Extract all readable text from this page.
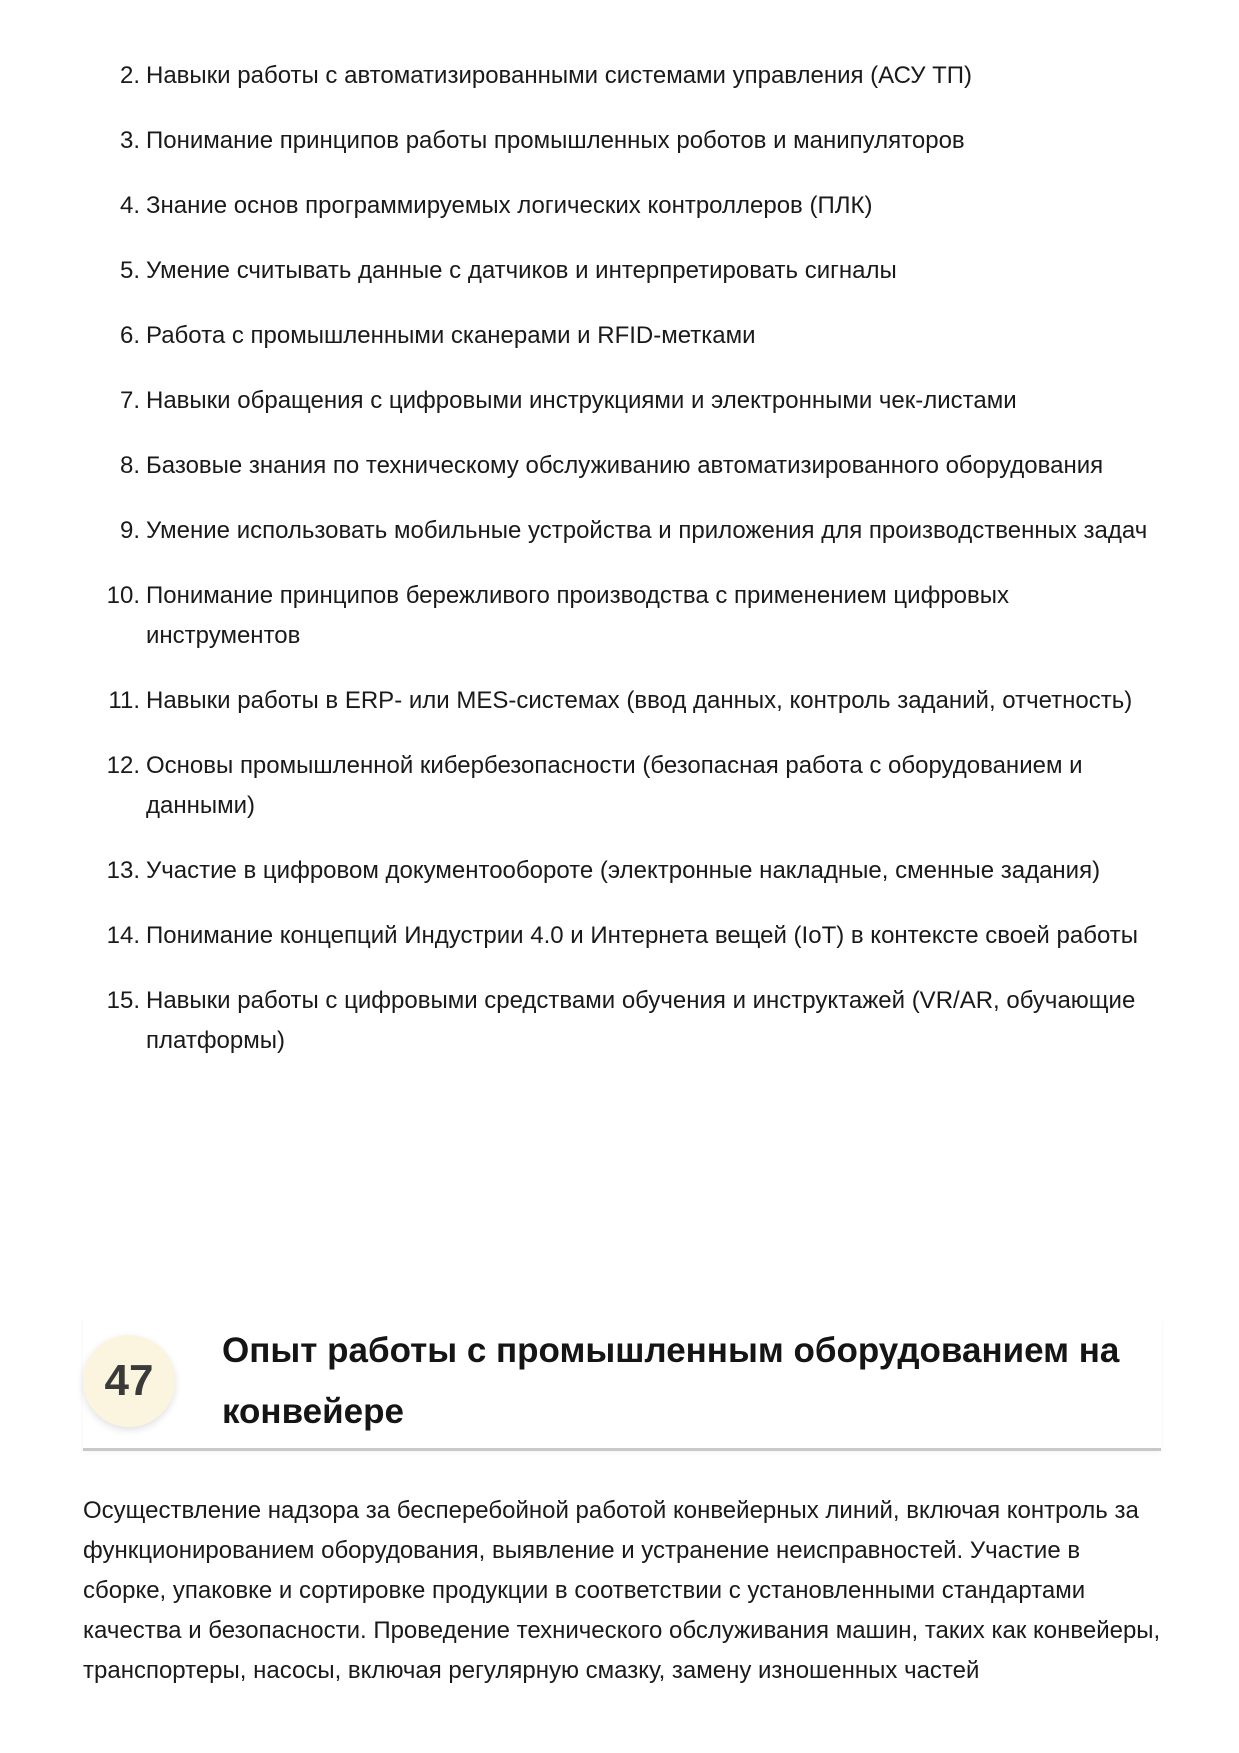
2. Навыки работы с автоматизированными системами управления (АСУ ТП)
3. Понимание принципов работы промышленных роботов и манипуляторов
4. Знание основ программируемых логических контроллеров (ПЛК)
5. Умение считывать данные с датчиков и интерпретировать сигналы
6. Работа с промышленными сканерами и RFID-метками
7. Навыки обращения с цифровыми инструкциями и электронными чек-листами
8. Базовые знания по техническому обслуживанию автоматизированного оборудования
9. Умение использовать мобильные устройства и приложения для производственных задач
10. Понимание принципов бережливого производства с применением цифровых инструментов
11. Навыки работы в ERP- или MES-системах (ввод данных, контроль заданий, отчетность)
12. Основы промышленной кибербезопасности (безопасная работа с оборудованием и данными)
13. Участие в цифровом документообороте (электронные накладные, сменные задания)
14. Понимание концепций Индустрии 4.0 и Интернета вещей (IoT) в контексте своей работы
15. Навыки работы с цифровыми средствами обучения и инструктажей (VR/AR, обучающие платформы)
47
Опыт работы с промышленным оборудованием на конвейере

Осуществление надзора за бесперебойной работой конвейерных линий, включая контроль за функционированием оборудования, выявление и устранение неисправностей. Участие в сборке, упаковке и сортировке продукции в соответствии с установленными стандартами качества и безопасности. Проведение технического обслуживания машин, таких как конвейеры, транспортеры, насосы, включая регулярную смазку, замену изношенных частей
